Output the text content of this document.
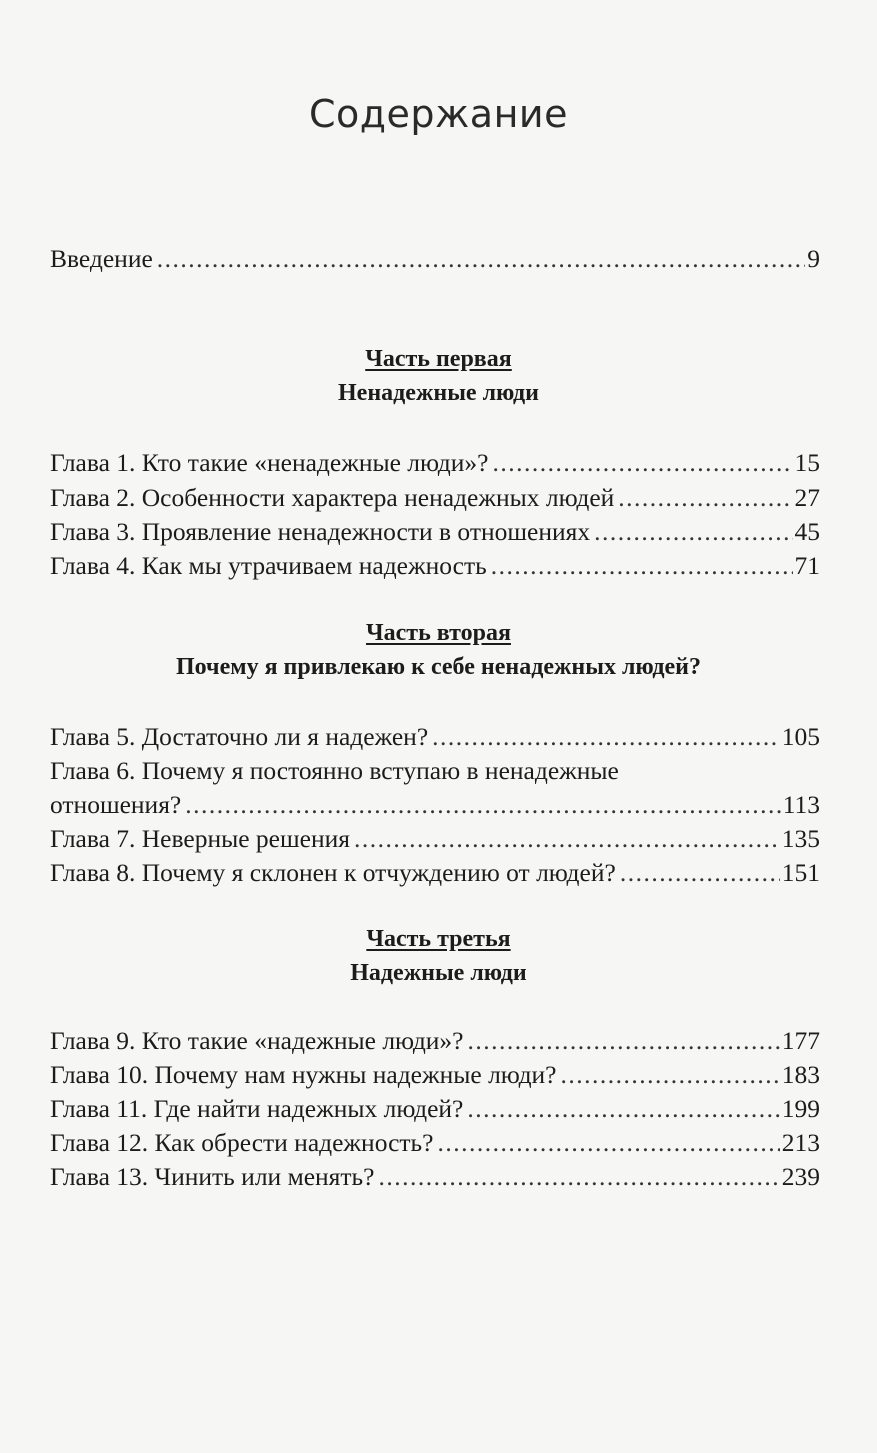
Содержание
Введение .....	9
Часть первая
Ненадежные люди
Глава 1. Кто такие «ненадежные люди»? .....	15
Глава 2. Особенности характера ненадежных людей .....	27
Глава 3. Проявление ненадежности в отношениях .....	45
Глава 4. Как мы утрачиваем надежность .....	71
Часть вторая
Почему я привлекаю к себе ненадежных людей?
Глава 5. Достаточно ли я надежен? .....	105
Глава 6. Почему я постоянно вступаю в ненадежные
отношения? .....	113
Глава 7. Неверные решения .....	135
Глава 8. Почему я склонен к отчуждению от людей? .....	151
Часть третья
Надежные люди
Глава 9. Кто такие «надежные люди»? .....	177
Глава 10. Почему нам нужны надежные люди? .....	183
Глава 11. Где найти надежных людей? .....	199
Глава 12. Как обрести надежность? .....	213
Глава 13. Чинить или менять? .....	239
